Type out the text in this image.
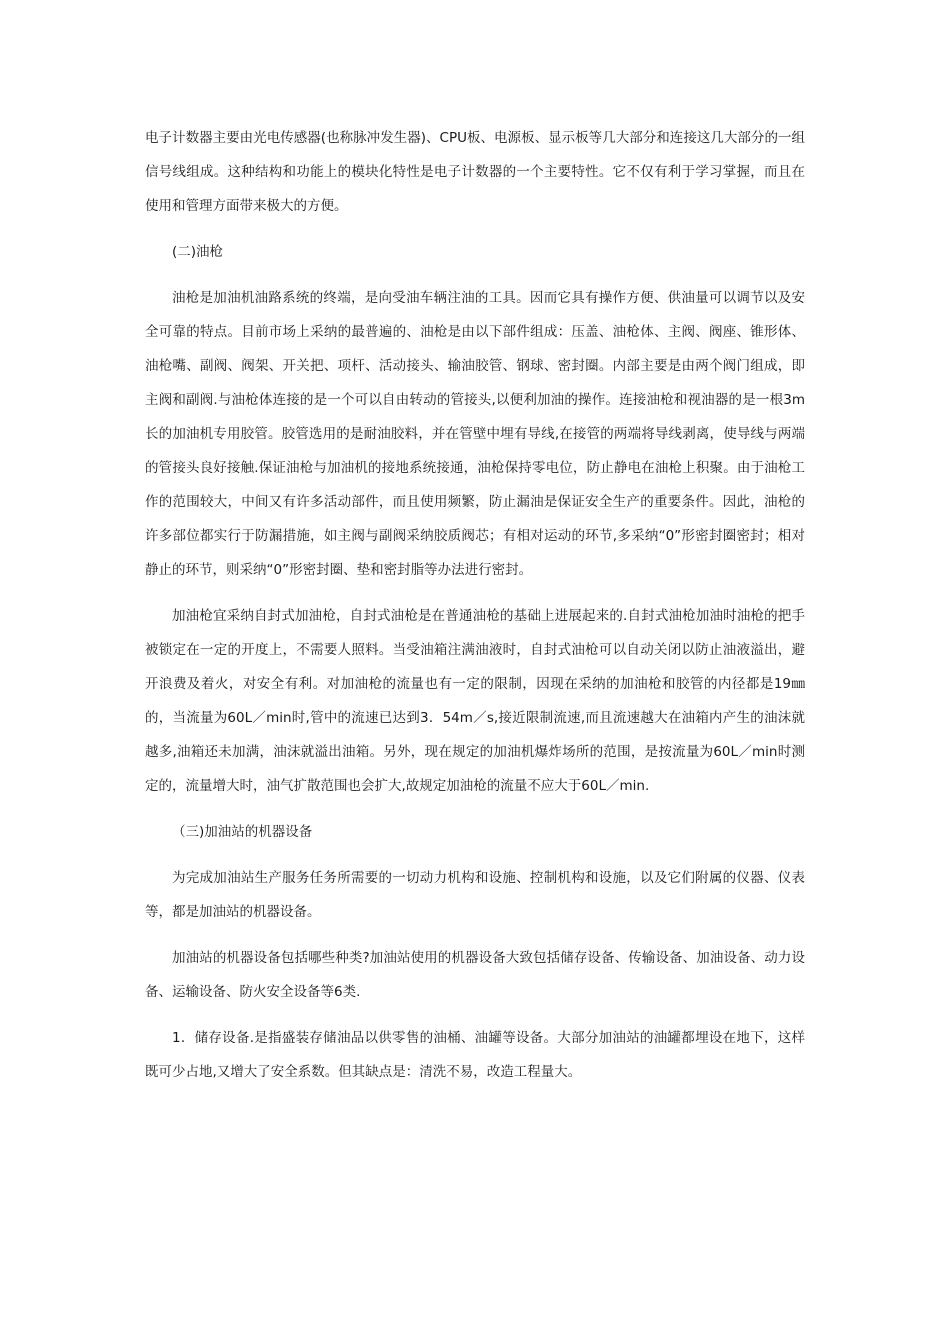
电子计数器主要由光电传感器(也称脉冲发生器)、CPU板、电源板、显示板等几大部分和连接这几大部分的一组信号线组成。这种结构和功能上的模块化特性是电子计数器的一个主要特性。它不仅有利于学习掌握，而且在使用和管理方面带来极大的方便。

(二)油枪

油枪是加油机油路系统的终端，是向受油车辆注油的工具。因而它具有操作方便、供油量可以调节以及安全可靠的特点。目前市场上采纳的最普遍的、油枪是由以下部件组成：压盖、油枪体、主阀、阀座、锥形体、油枪嘴、副阀、阀架、开关把、项杆、活动接头、输油胶管、钢球、密封圈。内部主要是由两个阀门组成，即主阀和副阀.与油枪体连接的是一个可以自由转动的管接头,以便利加油的操作。连接油枪和视油器的是一根3m长的加油机专用胶管。胶管选用的是耐油胶料，并在管壁中埋有导线,在接管的两端将导线剥离，使导线与两端的管接头良好接触.保证油枪与加油机的接地系统接通，油枪保持零电位，防止静电在油枪上积聚。由于油枪工作的范围较大，中间又有许多活动部件，而且使用频繁，防止漏油是保证安全生产的重要条件。因此，油枪的许多部位都实行于防漏措施，如主阀与副阀采纳胶质阀芯；有相对运动的环节,多采纳“0”形密封圈密封；相对静止的环节，则采纳“0”形密封圈、垫和密封脂等办法进行密封。

加油枪宜采纳自封式加油枪，自封式油枪是在普通油枪的基础上进展起来的.自封式油枪加油时油枪的把手被锁定在一定的开度上，不需要人照料。当受油箱注满油液时，自封式油枪可以自动关闭以防止油液溢出，避开浪费及着火，对安全有利。对加油枪的流量也有一定的限制，因现在采纳的加油枪和胶管的内径都是19㎜的，当流量为60L／min时,管中的流速已达到3．54m／s,接近限制流速,而且流速越大在油箱内产生的油沫就越多,油箱还未加满，油沫就溢出油箱。另外，现在规定的加油机爆炸场所的范围，是按流量为60L／min时测定的，流量增大时，油气扩散范围也会扩大,故规定加油枪的流量不应大于60L／min.

（三)加油站的机器设备

为完成加油站生产服务任务所需要的一切动力机构和设施、控制机构和设施，以及它们附属的仪器、仪表等，都是加油站的机器设备。

加油站的机器设备包括哪些种类?加油站使用的机器设备大致包括储存设备、传输设备、加油设备、动力设备、运输设备、防火安全设备等6类.

1．储存设备.是指盛装存储油品以供零售的油桶、油罐等设备。大部分加油站的油罐都埋设在地下，这样既可少占地,又增大了安全系数。但其缺点是：清洗不易，改造工程量大。
